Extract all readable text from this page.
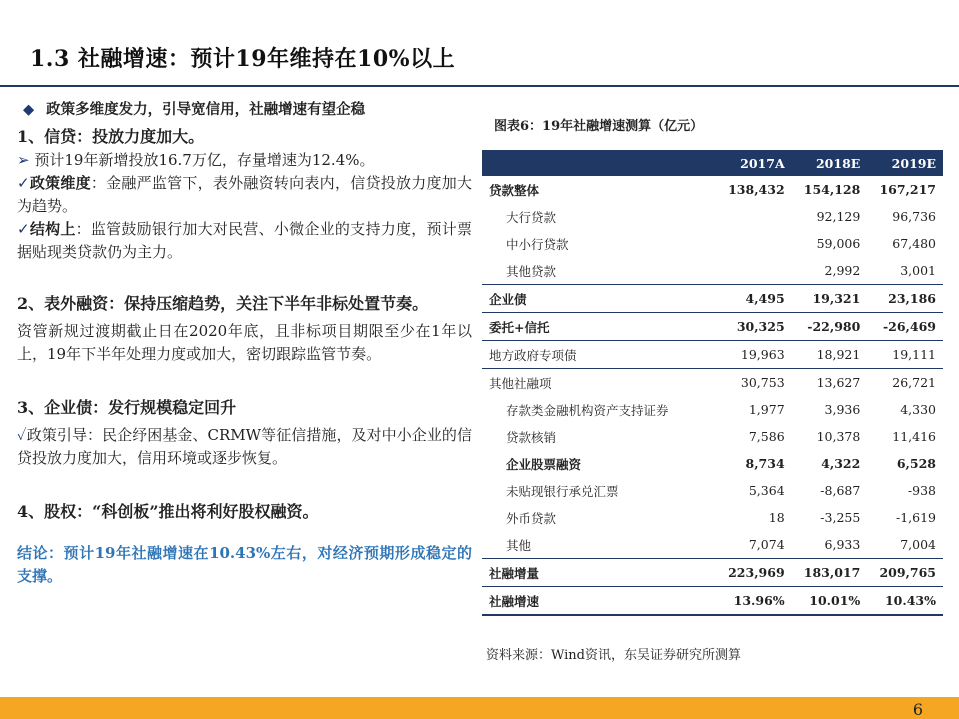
1.3 社融增速：预计19年维持在10%以上
◆ 政策多维度发力，引导宽信用，社融增速有望企稳

1、信贷：投放力度加大。

➢ 预计19年新增投放16.7万亿，存量增速为12.4%。

✓政策维度：金融严监管下，表外融资转向表内，信贷投放力度加大为趋势。

✓结构上：监管鼓励银行加大对民营、小微企业的支持力度，预计票据贴现类贷款仍为主力。

2、表外融资：保持压缩趋势，关注下半年非标处置节奏。

资管新规过渡期截止日在2020年底，且非标项目期限至少在1年以上，19年下半年处理力度或加大，密切跟踪监管节奏。

3、企业债：发行规模稳定回升

✓政策引导：民企纾困基金、CRMW等征信措施，及对中小企业的信贷投放力度加大，信用环境或逐步恢复。

4、股权：“科创板”推出将利好股权融资。

结论：预计19年社融增速在10.43%左右，对经济预期形成稳定的支撑。

图表6：19年社融增速测算（亿元）
	2017A	2018E	2019E
贷款整体	138,432	154,128	167,217
大行贷款		92,129	96,736
中小行贷款		59,006	67,480
其他贷款		2,992	3,001
企业债	4,495	19,321	23,186
委托+信托	30,325	-22,980	-26,469
地方政府专项债	19,963	18,921	19,111
其他社融项	30,753	13,627	26,721
存款类金融机构资产支持证券	1,977	3,936	4,330
贷款核销	7,586	10,378	11,416
企业股票融资	8,734	4,322	6,528
未贴现银行承兑汇票	5,364	-8,687	-938
外币贷款	18	-3,255	-1,619
其他	7,074	6,933	7,004
社融增量	223,969	183,017	209,765
社融增速	13.96%	10.01%	10.43%
资料来源：Wind资讯，东吴证券研究所测算
6
